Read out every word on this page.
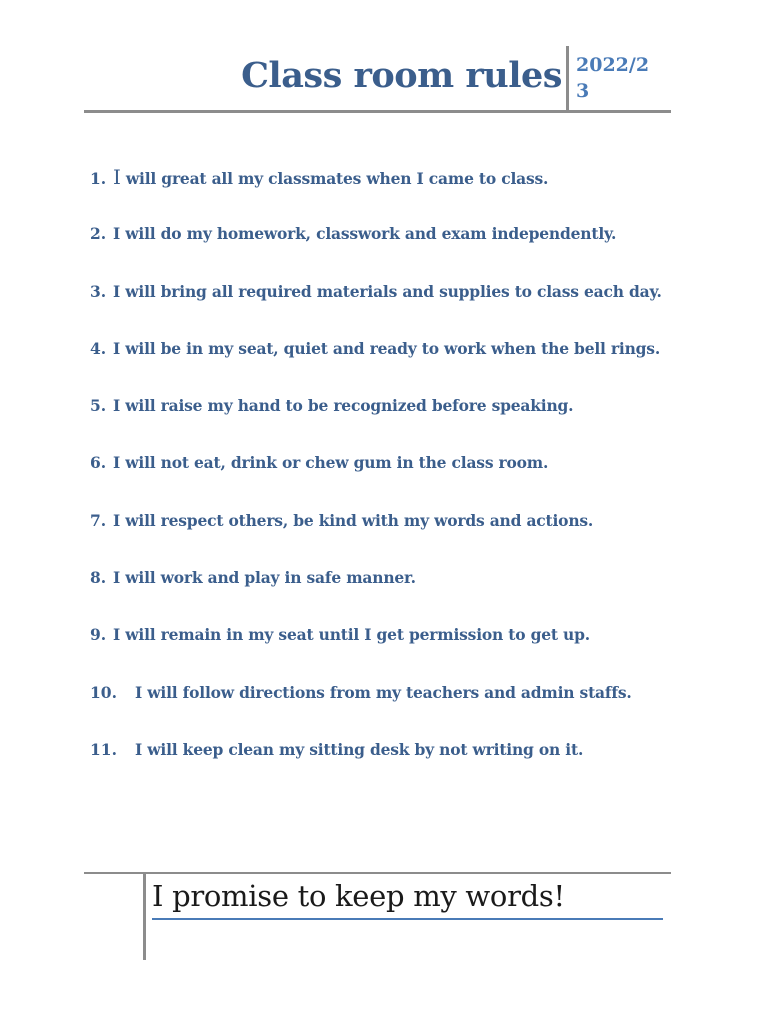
Class room rules 2022/23
1. I will great all my classmates when I came to class.
2. I will do my homework, classwork and exam independently.
3. I will bring all required materials and supplies to class each day.
4. I will be in my seat, quiet and ready to work when the bell rings.
5. I will raise my hand to be recognized before speaking.
6. I will not eat, drink or chew gum in the class room.
7. I will respect others, be kind with my words and actions.
8. I will work and play in safe manner.
9. I will remain in my seat until I get permission to get up.
10.	I will follow directions from my teachers and admin staffs.
11.	I will keep clean my sitting desk by not writing on it.
I promise to keep my words!
